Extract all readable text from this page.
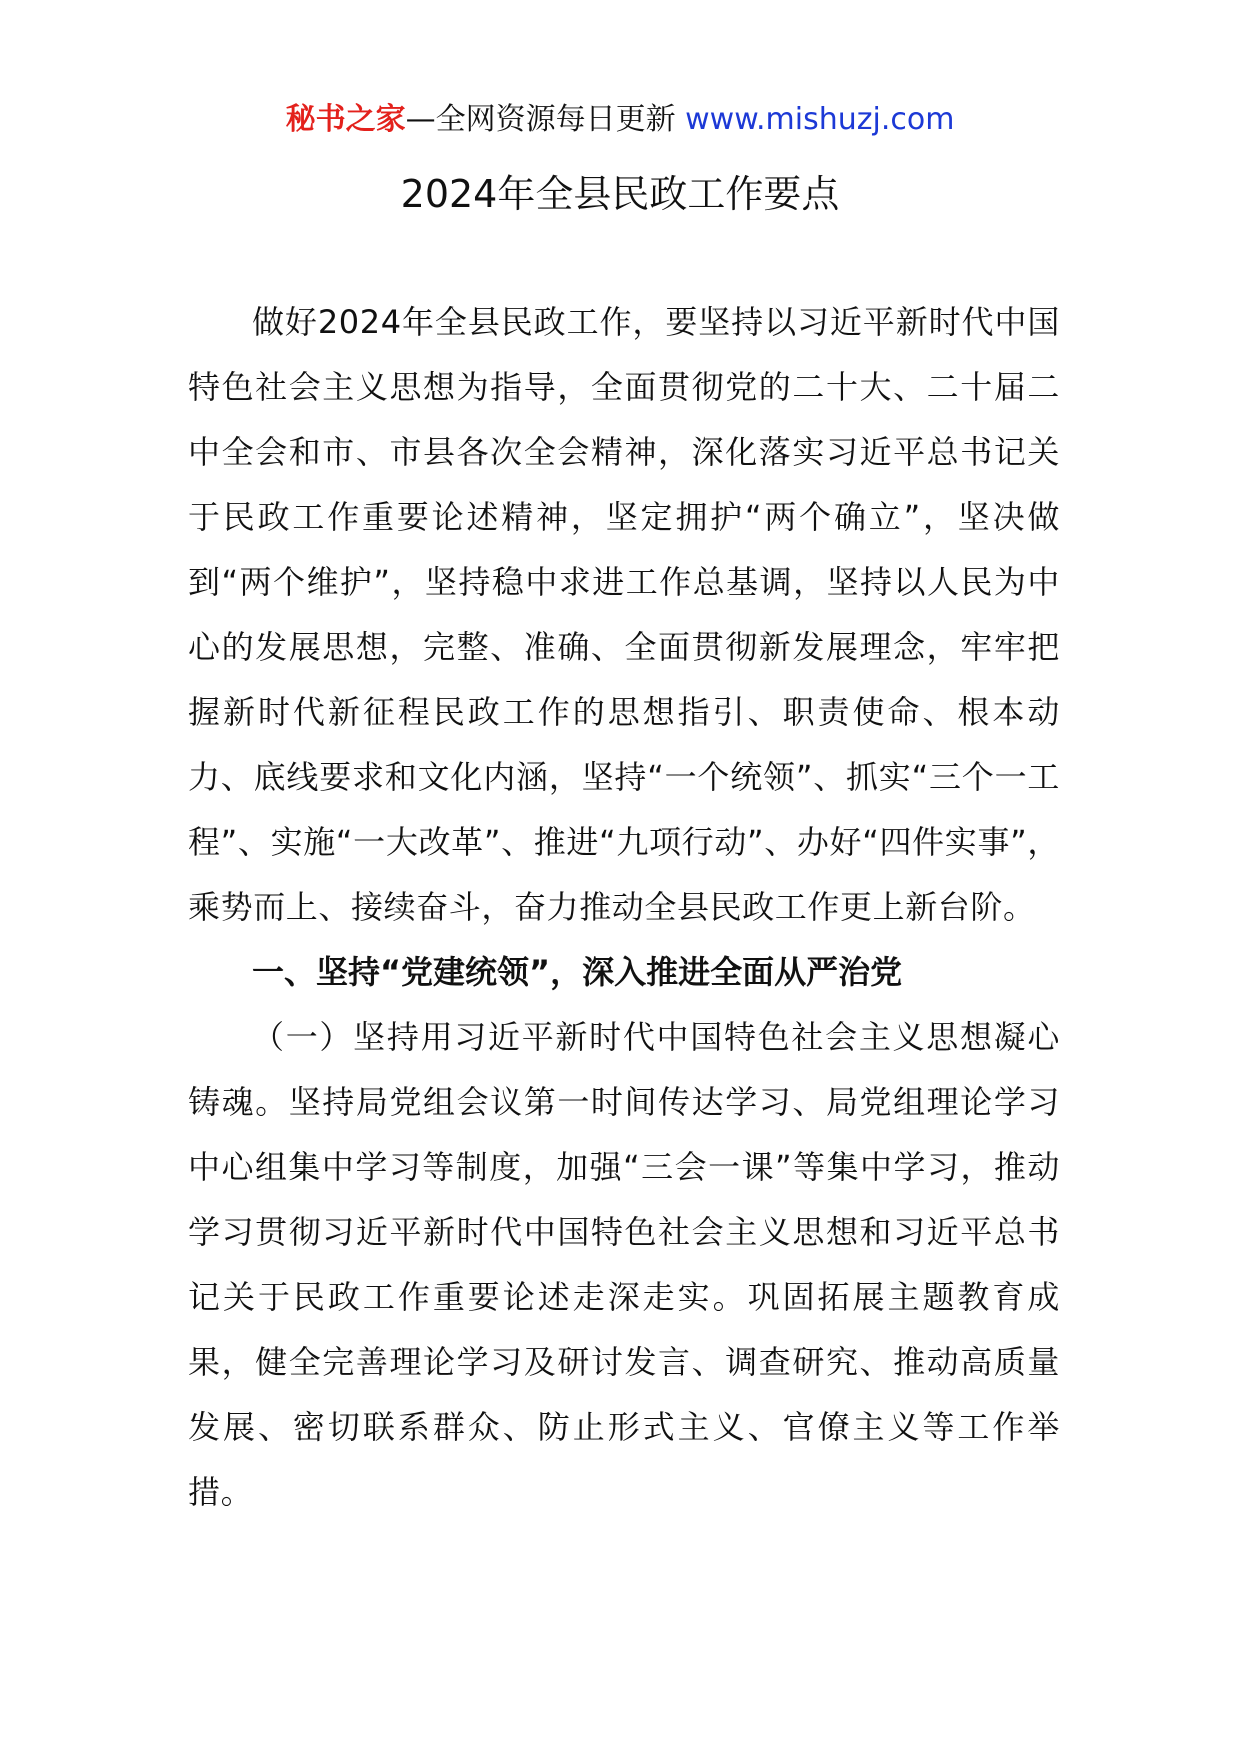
秘书之家—全网资源每日更新 www.mishuzj.com
2024年全县民政工作要点

做好2024年全县民政工作，要坚持以习近平新时代中国特色社会主义思想为指导，全面贯彻党的二十大、二十届二中全会和市、市县各次全会精神，深化落实习近平总书记关于民政工作重要论述精神，坚定拥护“两个确立”，坚决做到“两个维护”，坚持稳中求进工作总基调，坚持以人民为中心的发展思想，完整、准确、全面贯彻新发展理念，牢牢把握新时代新征程民政工作的思想指引、职责使命、根本动力、底线要求和文化内涵，坚持“一个统领”、抓实“三个一工程”、实施“一大改革”、推进“九项行动”、办好“四件实事”，乘势而上、接续奋斗，奋力推动全县民政工作更上新台阶。

一、坚持“党建统领”，深入推进全面从严治党

（一）坚持用习近平新时代中国特色社会主义思想凝心铸魂。坚持局党组会议第一时间传达学习、局党组理论学习中心组集中学习等制度，加强“三会一课”等集中学习，推动学习贯彻习近平新时代中国特色社会主义思想和习近平总书记关于民政工作重要论述走深走实。巩固拓展主题教育成果，健全完善理论学习及研讨发言、调查研究、推动高质量发展、密切联系群众、防止形式主义、官僚主义等工作举措。
